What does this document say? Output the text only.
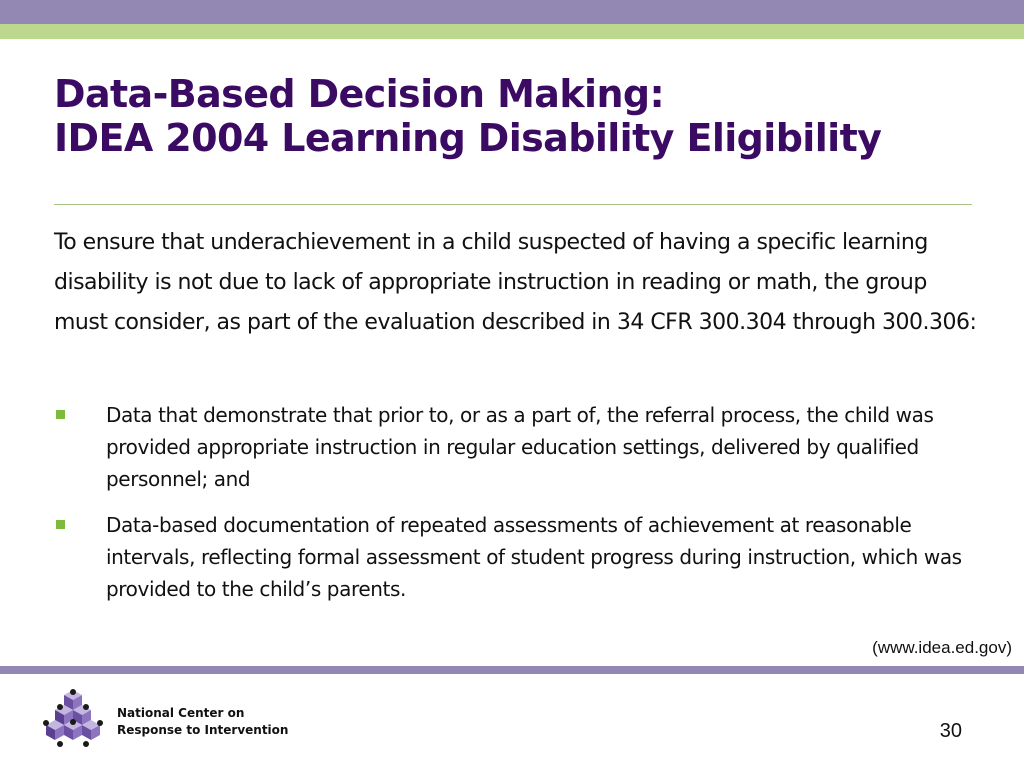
Data-Based Decision Making:
IDEA 2004 Learning Disability Eligibility

To ensure that underachievement in a child suspected of having a specific learning disability is not due to lack of appropriate instruction in reading or math, the group must consider, as part of the evaluation described in 34 CFR 300.304 through 300.306:

Data that demonstrate that prior to, or as a part of, the referral process, the child was provided appropriate instruction in regular education settings, delivered by qualified personnel; and
Data-based documentation of repeated assessments of achievement at reasonable intervals, reflecting formal assessment of student progress during instruction, which was provided to the child’s parents.
(www.idea.ed.gov)
National Center on
Response to Intervention	30
